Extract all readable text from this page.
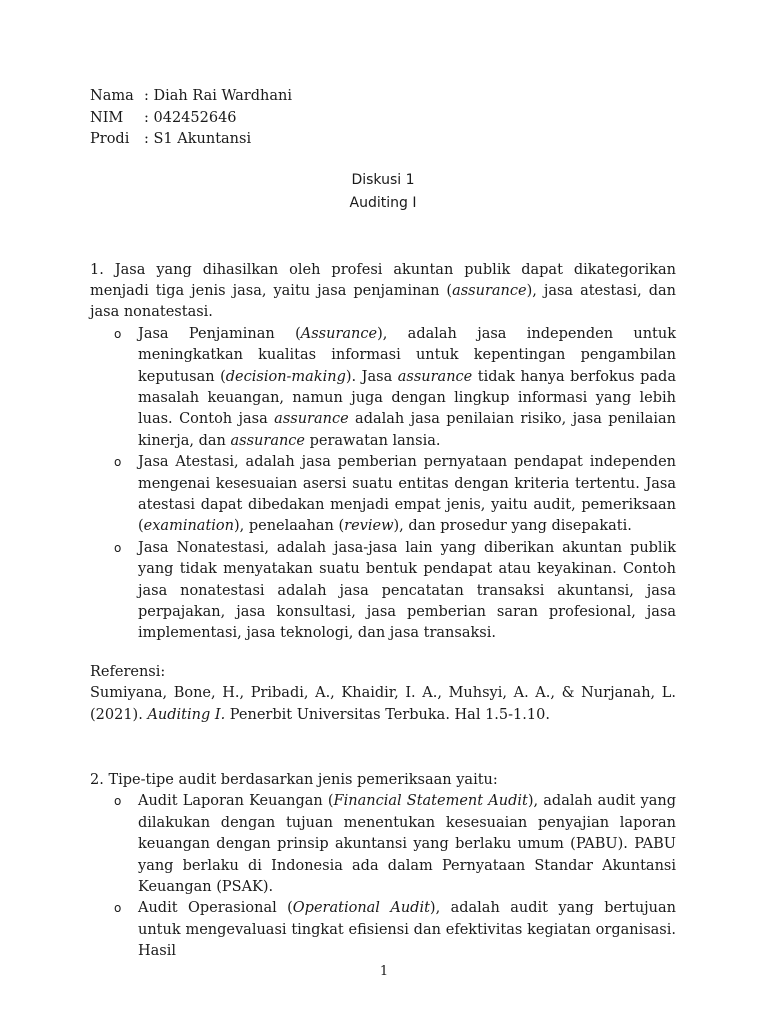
Nama : Diah Rai Wardhani
NIM	: 042452646
Prodi	: S1 Akuntansi
Diskusi 1
Auditing I
1. Jasa yang dihasilkan oleh profesi akuntan publik dapat dikategorikan menjadi tiga jenis jasa, yaitu jasa penjaminan (assurance), jasa atestasi, dan jasa nonatestasi.
o Jasa Penjaminan (Assurance), adalah jasa independen untuk meningkatkan kualitas informasi untuk kepentingan pengambilan keputusan (decision-making). Jasa assurance tidak hanya berfokus pada masalah keuangan, namun juga dengan lingkup informasi yang lebih luas. Contoh jasa assurance adalah jasa penilaian risiko, jasa penilaian kinerja, dan assurance perawatan lansia.
o Jasa Atestasi, adalah jasa pemberian pernyataan pendapat independen mengenai kesesuaian asersi suatu entitas dengan kriteria tertentu. Jasa atestasi dapat dibedakan menjadi empat jenis, yaitu audit, pemeriksaan (examination), penelaahan (review), dan prosedur yang disepakati.
o Jasa Nonatestasi, adalah jasa-jasa lain yang diberikan akuntan publik yang tidak menyatakan suatu bentuk pendapat atau keyakinan. Contoh jasa nonatestasi adalah jasa pencatatan transaksi akuntansi, jasa perpajakan, jasa konsultasi, jasa pemberian saran profesional, jasa implementasi, jasa teknologi, dan jasa transaksi.
Referensi:
Sumiyana, Bone, H., Pribadi, A., Khaidir, I. A., Muhsyi, A. A., & Nurjanah, L. (2021). Auditing I. Penerbit Universitas Terbuka. Hal 1.5-1.10.
2. Tipe-tipe audit berdasarkan jenis pemeriksaan yaitu:
o Audit Laporan Keuangan (Financial Statement Audit), adalah audit yang dilakukan dengan tujuan menentukan kesesuaian penyajian laporan keuangan dengan prinsip akuntansi yang berlaku umum (PABU). PABU yang berlaku di Indonesia ada dalam Pernyataan Standar Akuntansi Keuangan (PSAK).
o Audit Operasional (Operational Audit), adalah audit yang bertujuan untuk mengevaluasi tingkat efisiensi dan efektivitas kegiatan organisasi. Hasil
1
